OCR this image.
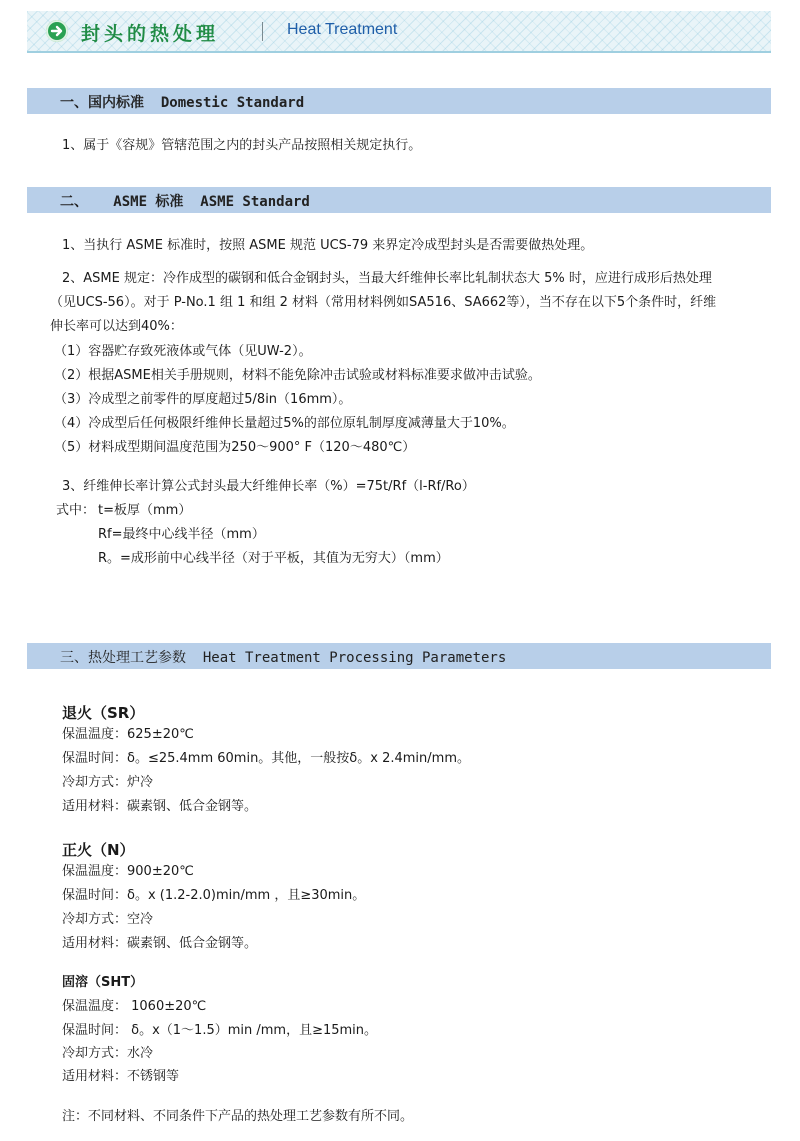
封头的热处理	Heat Treatment
一、国内标准  Domestic Standard
1、属于《容规》管辖范围之内的封头产品按照相关规定执行。
二、   ASME 标准  ASME Standard
1、当执行 ASME 标准时，按照 ASME 规范 UCS-79 来界定冷成型封头是否需要做热处理。
2、ASME 规定：冷作成型的碳钢和低合金钢封头，当最大纤维伸长率比轧制状态大 5% 时，应进行成形后热处理
（见UCS-56）。对于 P-No.1 组 1 和组 2 材料（常用材料例如SA516、SA662等），当不存在以下5个条件时，纤维
伸长率可以达到40%：
（1）容器贮存致死液体或气体（见UW-2）。
（2）根据ASME相关手册规则，材料不能免除冲击试验或材料标准要求做冲击试验。
（3）冷成型之前零件的厚度超过5/8in（16mm）。
（4）冷成型后任何极限纤维伸长量超过5%的部位原轧制厚度减薄量大于10%。
（5）材料成型期间温度范围为250～900° F（120～480℃）
3、纤维伸长率计算公式封头最大纤维伸长率（%）=75t/Rf（l-Rf/Ro）
式中： t=板厚（mm）
Rf=最终中心线半径（mm）
R。=成形前中心线半径（对于平板，其值为无穷大）（mm）
三、热处理工艺参数  Heat Treatment Processing Parameters
退火（SR）
保温温度：625±20℃
保温时间：δ。≤25.4mm 60min。其他，一般按δ。x 2.4min/mm。
冷却方式：炉冷
适用材料：碳素钢、低合金钢等。
正火（N）
保温温度：900±20℃
保温时间：δ。x (1.2-2.0)min/mm ，且≥30min。
冷却方式：空冷
适用材料：碳素钢、低合金钢等。
固溶（SHT）
保温温度： 1060±20℃
保温时间： δ。x（1～1.5）min /mm，且≥15min。
冷却方式：水冷
适用材料：不锈钢等
注：不同材料、不同条件下产品的热处理工艺参数有所不同。
